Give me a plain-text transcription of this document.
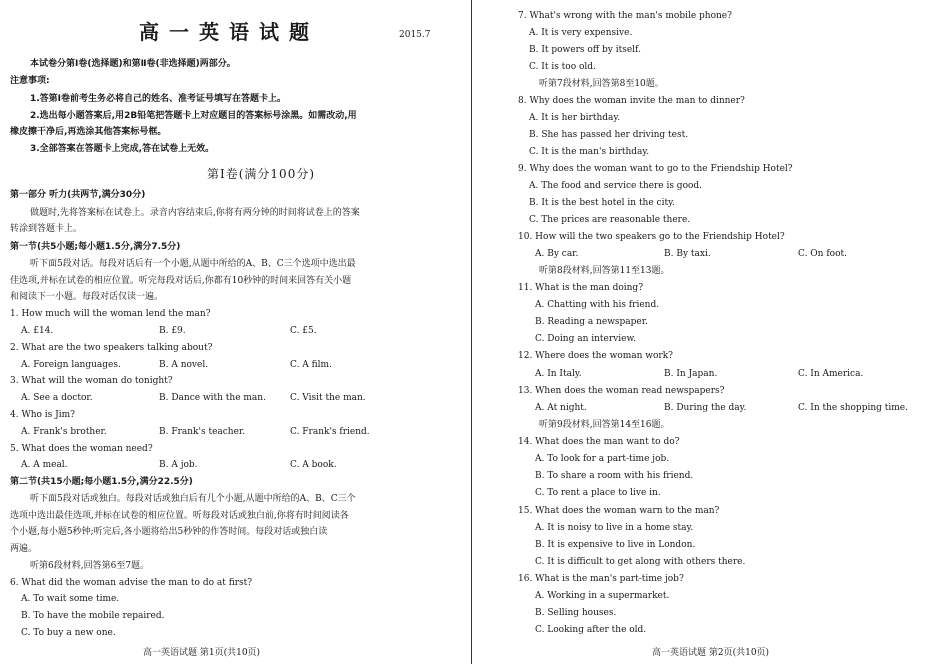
高一英语试题	2015.7
本试卷分第Ⅰ卷(选择题)和第Ⅱ卷(非选择题)两部分。
注意事项:
1.答第Ⅰ卷前考生务必将自己的姓名、准考证号填写在答题卡上。
2.选出每小题答案后,用2B铅笔把答题卡上对应题目的答案标号涂黑。如需改动,用
橡皮擦干净后,再选涂其他答案标号框。
3.全部答案在答题卡上完成,答在试卷上无效。
第Ⅰ卷(满分100分)
第一部分 听力(共两节,满分30分)
做题时,先将答案标在试卷上。录音内容结束后,你将有两分钟的时间将试卷上的答案
转涂到答题卡上。
第一节(共5小题;每小题1.5分,满分7.5分)
听下面5段对话。每段对话后有一个小题,从题中所给的A、B、C三个选项中选出最
佳选项,并标在试卷的相应位置。听完每段对话后,你都有10秒钟的时间来回答有关小题
和阅读下一小题。每段对话仅读一遍。
1. How much will the woman lend the man?
A. £14.	B. £9.	C. £5.
2. What are the two speakers talking about?
A. Foreign languages.	B. A novel.	C. A film.
3. What will the woman do tonight?
A. See a doctor.	B. Dance with the man.	C. Visit the man.
4. Who is Jim?
A. Frank's brother.	B. Frank's teacher.	C. Frank's friend.
5. What does the woman need?
A. A meal.	B. A job.	C. A book.
第二节(共15小题;每小题1.5分,满分22.5分)
听下面5段对话或独白。每段对话或独白后有几个小题,从题中所给的A、B、C三个
选项中选出最佳选项,并标在试卷的相应位置。听每段对话或独白前,你将有时间阅读各
个小题,每小题5秒钟;听完后,各小题将给出5秒钟的作答时间。每段对话或独白读
两遍。
听第6段材料,回答第6至7题。
6. What did the woman advise the man to do at first?
A. To wait some time.
B. To have the mobile repaired.
C. To buy a new one.
高一英语试题 第1页(共10页)
7. What's wrong with the man's mobile phone?
A. It is very expensive.
B. It powers off by itself.
C. It is too old.
听第7段材料,回答第8至10题。
8. Why does the woman invite the man to dinner?
A. It is her birthday.
B. She has passed her driving test.
C. It is the man's birthday.
9. Why does the woman want to go to the Friendship Hotel?
A. The food and service there is good.
B. It is the best hotel in the city.
C. The prices are reasonable there.
10. How will the two speakers go to the Friendship Hotel?
A. By car.	B. By taxi.	C. On foot.
听第8段材料,回答第11至13题。
11. What is the man doing?
A. Chatting with his friend.
B. Reading a newspaper.
C. Doing an interview.
12. Where does the woman work?
A. In Italy.	B. In Japan.	C. In America.
13. When does the woman read newspapers?
A. At night.	B. During the day.	C. In the shopping time.
听第9段材料,回答第14至16题。
14. What does the man want to do?
A. To look for a part-time job.
B. To share a room with his friend.
C. To rent a place to live in.
15. What does the woman warn to the man?
A. It is noisy to live in a home stay.
B. It is expensive to live in London.
C. It is difficult to get along with others there.
16. What is the man's part-time job?
A. Working in a supermarket.
B. Selling houses.
C. Looking after the old.
高一英语试题 第2页(共10页)
